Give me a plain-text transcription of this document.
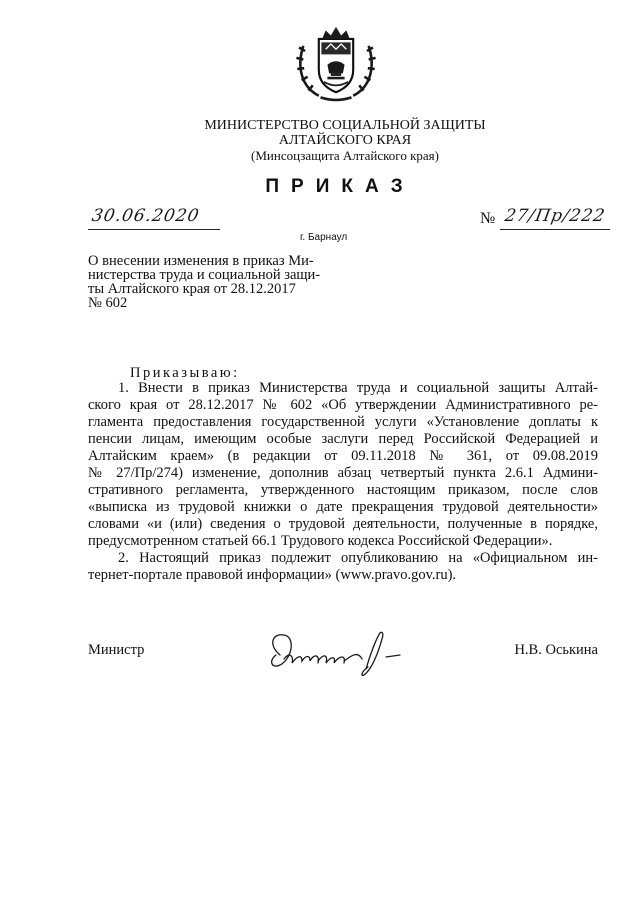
МИНИСТЕРСТВО СОЦИАЛЬНОЙ ЗАЩИТЫ
АЛТАЙСКОГО КРАЯ
(Минсоцзащита Алтайского края)
ПРИКАЗ
30.06.2020	№ 27/Пр/222
г. Барнаул
О внесении изменения в приказ Ми-
нистерства труда и социальной защи-
ты Алтайского края от 28.12.2017
№ 602
Приказываю:
1. Внести в приказ Министерства труда и социальной защиты Алтай-
ского края от 28.12.2017 № 602 «Об утверждении Административного ре-
гламента предоставления государственной услуги «Установление доплаты к
пенсии лицам, имеющим особые заслуги перед Российской Федерацией и
Алтайским краем» (в редакции от 09.11.2018 № 361, от 09.08.2019
№ 27/Пр/274) изменение, дополнив абзац четвертый пункта 2.6.1 Админи-
стративного регламента, утвержденного настоящим приказом, после слов
«выписка из трудовой книжки о дате прекращения трудовой деятельности»
словами «и (или) сведения о трудовой деятельности, полученные в порядке,
предусмотренном статьей 66.1 Трудового кодекса Российской Федерации».
2. Настоящий приказ подлежит опубликованию на «Официальном ин-
тернет-портале правовой информации» (www.pravo.gov.ru).
Министр	Н.В. Оськина
